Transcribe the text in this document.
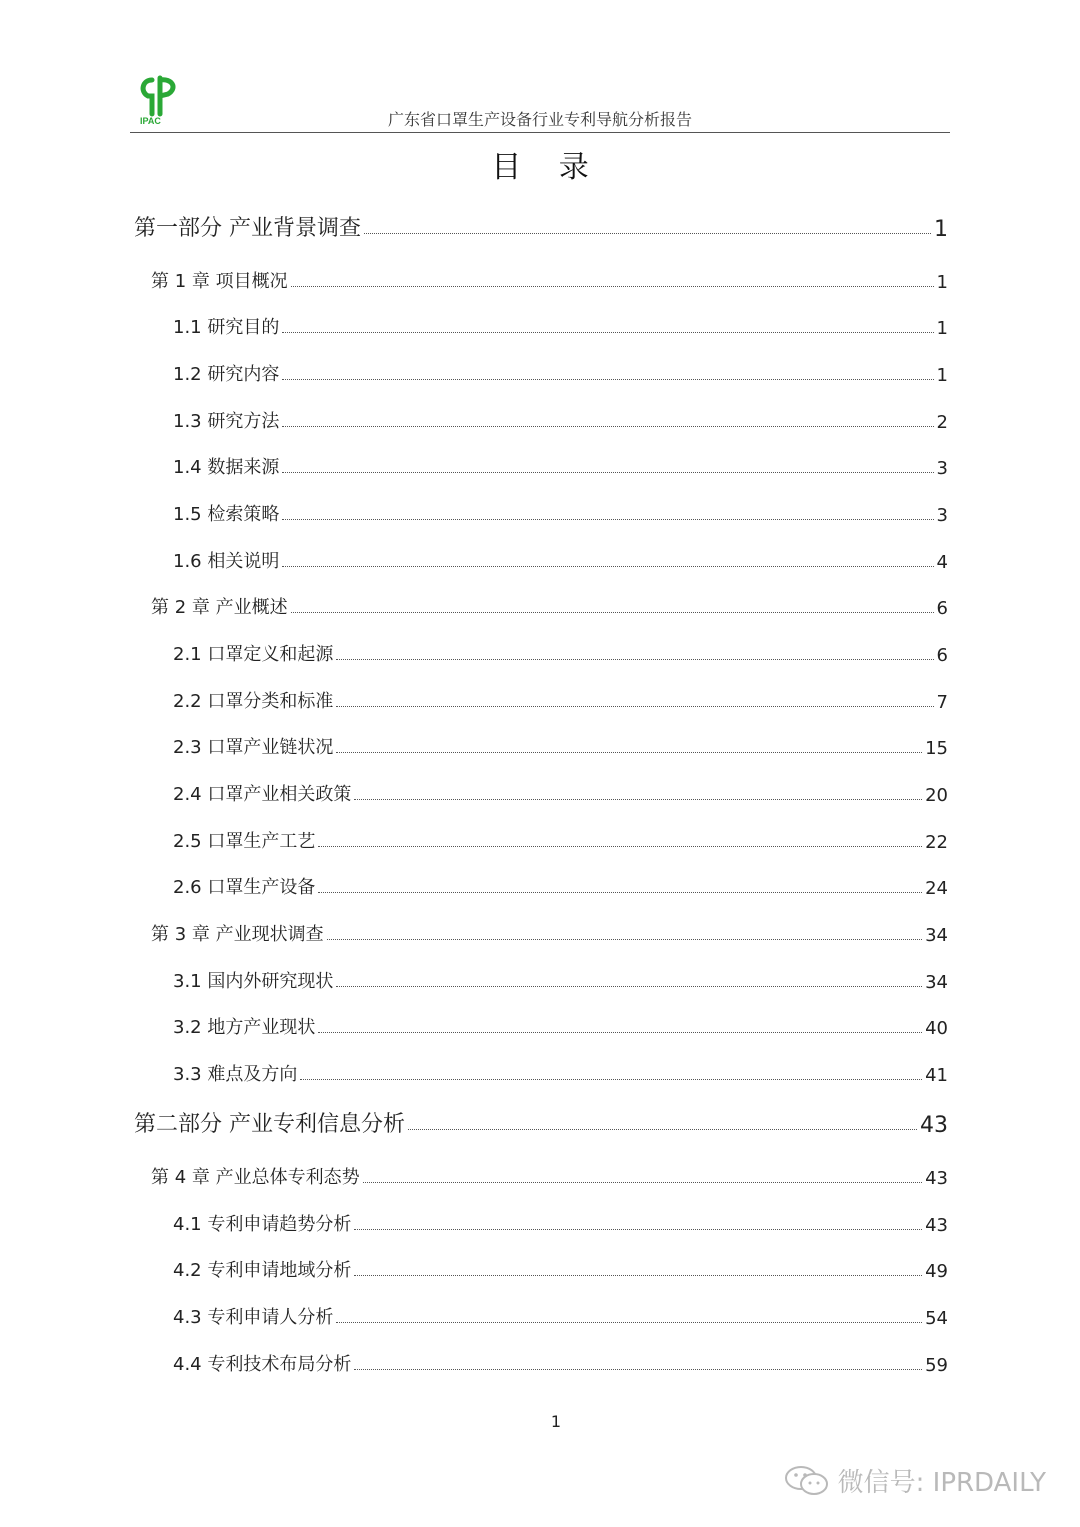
IPAC	广东省口罩生产设备行业专利导航分析报告
目 录
第一部分 产业背景调查	1
第 1 章 项目概况	1
1.1 研究目的	1
1.2 研究内容	1
1.3 研究方法	2
1.4 数据来源	3
1.5 检索策略	3
1.6 相关说明	4
第 2 章 产业概述	6
2.1 口罩定义和起源	6
2.2 口罩分类和标准	7
2.3 口罩产业链状况	15
2.4 口罩产业相关政策	20
2.5 口罩生产工艺	22
2.6 口罩生产设备	24
第 3 章 产业现状调查	34
3.1 国内外研究现状	34
3.2 地方产业现状	40
3.3 难点及方向	41
第二部分 产业专利信息分析	43
第 4 章 产业总体专利态势	43
4.1 专利申请趋势分析	43
4.2 专利申请地域分析	49
4.3 专利申请人分析	54
4.4 专利技术布局分析	59
1
微信号: IPRDAILY
